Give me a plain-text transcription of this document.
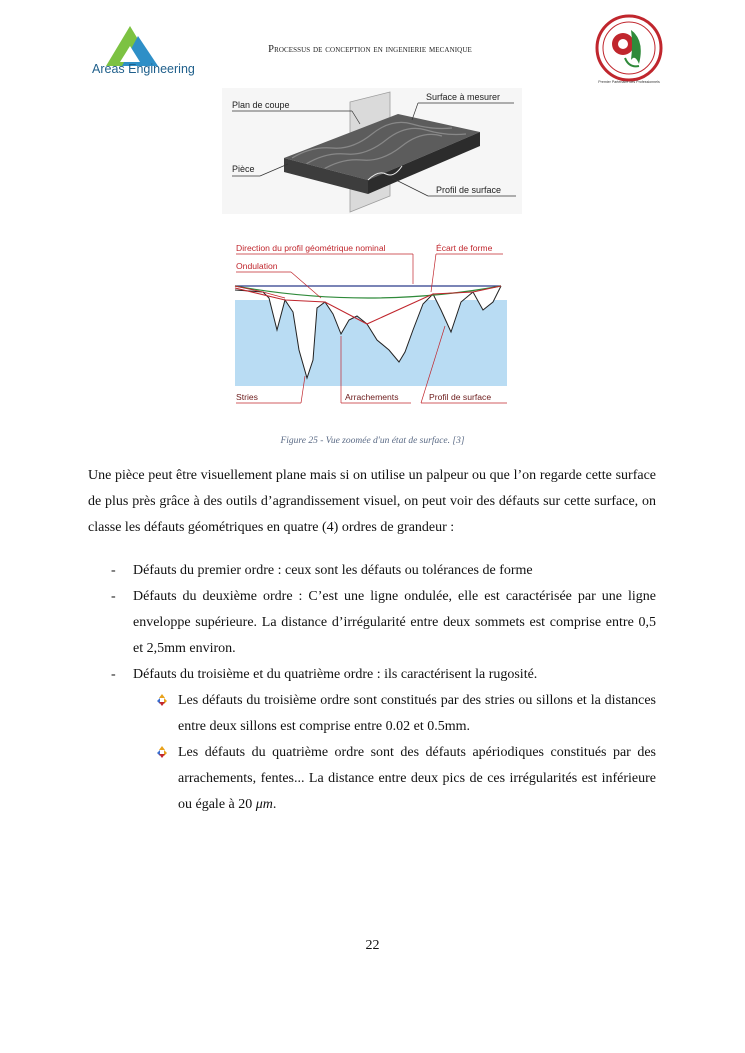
Areas Engineering
Processus de conception en ingenierie mecanique
Premier Partenaire des Professionnels
Plan de coupe
Surface à mesurer
Pièce
Profil de surface
Direction du profil géométrique nominal	Écart de forme
Ondulation
Stries	Arrachements	Profil de surface
Figure 25 - Vue zoomée d'un état de surface. [3]
Une pièce peut être visuellement plane mais si on utilise un palpeur ou que l’on regarde cette surface de plus près grâce à des outils d’agrandissement visuel, on peut voir des défauts sur cette surface, on classe les défauts géométriques en quatre (4) ordres de grandeur :
- Défauts du premier ordre : ceux sont les défauts ou tolérances de forme
- Défauts du deuxième ordre : C’est une ligne ondulée, elle est caractérisée par une ligne enveloppe supérieure. La distance d’irrégularité entre deux sommets est comprise entre 0,5 et 2,5mm environ.
- Défauts du troisième et du quatrième ordre : ils caractérisent la rugosité.
Les défauts du troisième ordre sont constitués par des stries ou sillons et la distances entre deux sillons est comprise entre 0.02 et 0.5mm.
Les défauts du quatrième ordre sont des défauts apériodiques constitués par des arrachements, fentes... La distance entre deux pics de ces irrégularités est inférieure ou égale à 20 μm.
22
